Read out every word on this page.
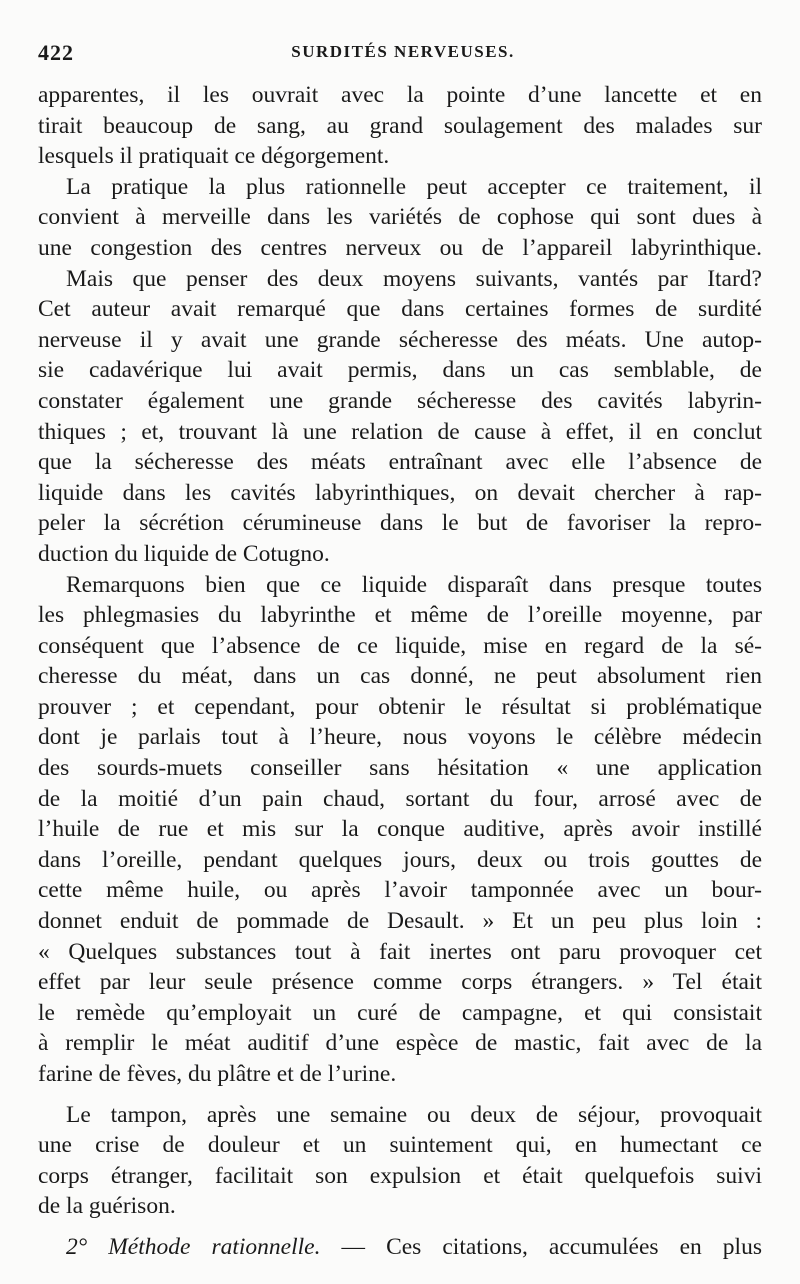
422	SURDITÉS NERVEUSES.
apparentes, il les ouvrait avec la pointe d’une lancette et en
tirait beaucoup de sang, au grand soulagement des malades sur
lesquels il pratiquait ce dégorgement.
La pratique la plus rationnelle peut accepter ce traitement, il
convient à merveille dans les variétés de cophose qui sont dues à
une congestion des centres nerveux ou de l’appareil labyrinthique.
Mais que penser des deux moyens suivants, vantés par Itard?
Cet auteur avait remarqué que dans certaines formes de surdité
nerveuse il y avait une grande sécheresse des méats. Une autop-
sie cadavérique lui avait permis, dans un cas semblable, de
constater également une grande sécheresse des cavités labyrin-
thiques ; et, trouvant là une relation de cause à effet, il en conclut
que la sécheresse des méats entraînant avec elle l’absence de
liquide dans les cavités labyrinthiques, on devait chercher à rap-
peler la sécrétion cérumineuse dans le but de favoriser la repro-
duction du liquide de Cotugno.
Remarquons bien que ce liquide disparaît dans presque toutes
les phlegmasies du labyrinthe et même de l’oreille moyenne, par
conséquent que l’absence de ce liquide, mise en regard de la sé-
cheresse du méat, dans un cas donné, ne peut absolument rien
prouver ; et cependant, pour obtenir le résultat si problématique
dont je parlais tout à l’heure, nous voyons le célèbre médecin
des sourds-muets conseiller sans hésitation « une application
de la moitié d’un pain chaud, sortant du four, arrosé avec de
l’huile de rue et mis sur la conque auditive, après avoir instillé
dans l’oreille, pendant quelques jours, deux ou trois gouttes de
cette même huile, ou après l’avoir tamponnée avec un bour-
donnet enduit de pommade de Desault. » Et un peu plus loin :
« Quelques substances tout à fait inertes ont paru provoquer cet
effet par leur seule présence comme corps étrangers. » Tel était
le remède qu’employait un curé de campagne, et qui consistait
à remplir le méat auditif d’une espèce de mastic, fait avec de la
farine de fèves, du plâtre et de l’urine.
Le tampon, après une semaine ou deux de séjour, provoquait
une crise de douleur et un suintement qui, en humectant ce
corps étranger, facilitait son expulsion et était quelquefois suivi
de la guérison.
2° Méthode rationnelle. — Ces citations, accumulées en plus
